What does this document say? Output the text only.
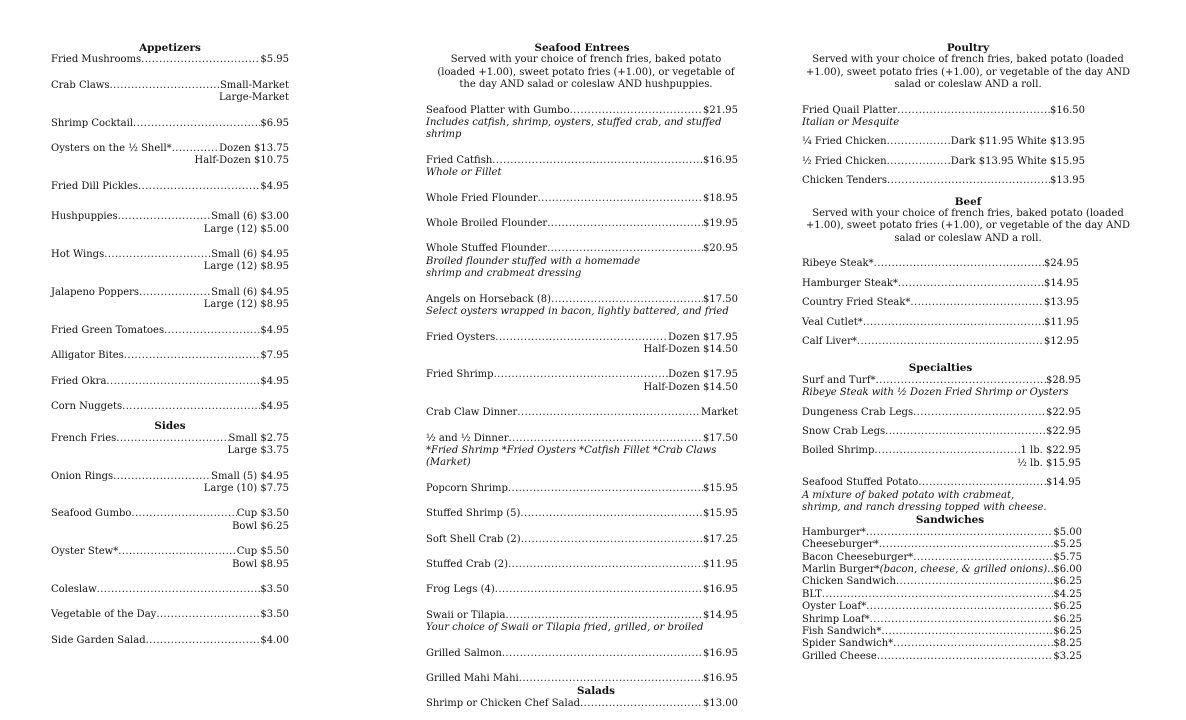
Appetizers
Fried Mushrooms .....	$5.95
Crab Claws .....	Small-Market
Large-Market
Shrimp Cocktail .....	$6.95
Oysters on the ½ Shell* .....	Dozen $13.75
Half-Dozen $10.75
Fried Dill Pickles .....	$4.95
Hushpuppies .....	Small (6) $3.00
Large (12) $5.00
Hot Wings .....	Small (6) $4.95
Large (12) $8.95
Jalapeno Poppers .....	Small (6) $4.95
Large (12) $8.95
Fried Green Tomatoes .....	$4.95
Alligator Bites .....	$7.95
Fried Okra .....	$4.95
Corn Nuggets .....	$4.95
Sides
French Fries .....	Small $2.75
Large $3.75
Onion Rings .....	Small (5) $4.95
Large (10) $7.75
Seafood Gumbo .....	Cup $3.50
Bowl $6.25
Oyster Stew* .....	Cup $5.50
Bowl $8.95
Coleslaw .....	$3.50
Vegetable of the Day .....	$3.50
Side Garden Salad .....	$4.00
Seafood Entrees
Served with your choice of french fries, baked potato (loaded +1.00), sweet potato fries (+1.00), or vegetable of the day AND salad or coleslaw AND hushpuppies.
Seafood Platter with Gumbo .....	$21.95
Includes catfish, shrimp, oysters, stuffed crab, and stuffed shrimp
Fried Catfish .....	$16.95
Whole or Fillet
Whole Fried Flounder .....	$18.95
Whole Broiled Flounder .....	$19.95
Whole Stuffed Flounder .....	$20.95
Broiled flounder stuffed with a homemade shrimp and crabmeat dressing
Angels on Horseback (8) .....	$17.50
Select oysters wrapped in bacon, lightly battered, and fried
Fried Oysters .....	Dozen $17.95
Half-Dozen $14.50
Fried Shrimp .....	Dozen $17.95
Half-Dozen $14.50
Crab Claw Dinner .....	Market
½ and ½ Dinner .....	$17.50
*Fried Shrimp *Fried Oysters *Catfish Fillet *Crab Claws (Market)
Popcorn Shrimp .....	$15.95
Stuffed Shrimp (5) .....	$15.95
Soft Shell Crab (2) .....	$17.25
Stuffed Crab (2) .....	$11.95
Frog Legs (4) .....	$16.95
Swaii or Tilapia .....	$14.95
Your choice of Swaii or Tilapia fried, grilled, or broiled
Grilled Salmon .....	$16.95
Grilled Mahi Mahi .....	$16.95
Salads
Shrimp or Chicken Chef Salad .....	$13.00
Poultry
Served with your choice of french fries, baked potato (loaded +1.00), sweet potato fries (+1.00), or vegetable of the day AND salad or coleslaw AND a roll.
Fried Quail Platter .....	$16.50
Italian or Mesquite
¼ Fried Chicken .....	Dark $11.95 White $13.95
½ Fried Chicken .....	Dark $13.95 White $15.95
Chicken Tenders .....	$13.95
Beef
Served with your choice of french fries, baked potato (loaded +1.00), sweet potato fries (+1.00), or vegetable of the day AND salad or coleslaw AND a roll.
Ribeye Steak* .....	$24.95
Hamburger Steak* .....	$14.95
Country Fried Steak* .....	$13.95
Veal Cutlet* .....	$11.95
Calf Liver* .....	$12.95
Specialties
Surf and Turf* .....	$28.95
Ribeye Steak with ½ Dozen Fried Shrimp or Oysters
Dungeness Crab Legs .....	$22.95
Snow Crab Legs .....	$22.95
Boiled Shrimp .....	1 lb. $22.95
½ lb. $15.95
Seafood Stuffed Potato .....	$14.95
A mixture of baked potato with crabmeat, shrimp, and ranch dressing topped with cheese.
Sandwiches
Hamburger* .....	$5.00
Cheeseburger* .....	$5.25
Bacon Cheeseburger* .....	$5.75
Marlin Burger*(bacon, cheese, & grilled onions) ..... $6.00
Chicken Sandwich .....	$6.25
BLT .....	$4.25
Oyster Loaf* .....	$6.25
Shrimp Loaf* .....	$6.25
Fish Sandwich* .....	$6.25
Spider Sandwich* .....	$8.25
Grilled Cheese .....	$3.25
